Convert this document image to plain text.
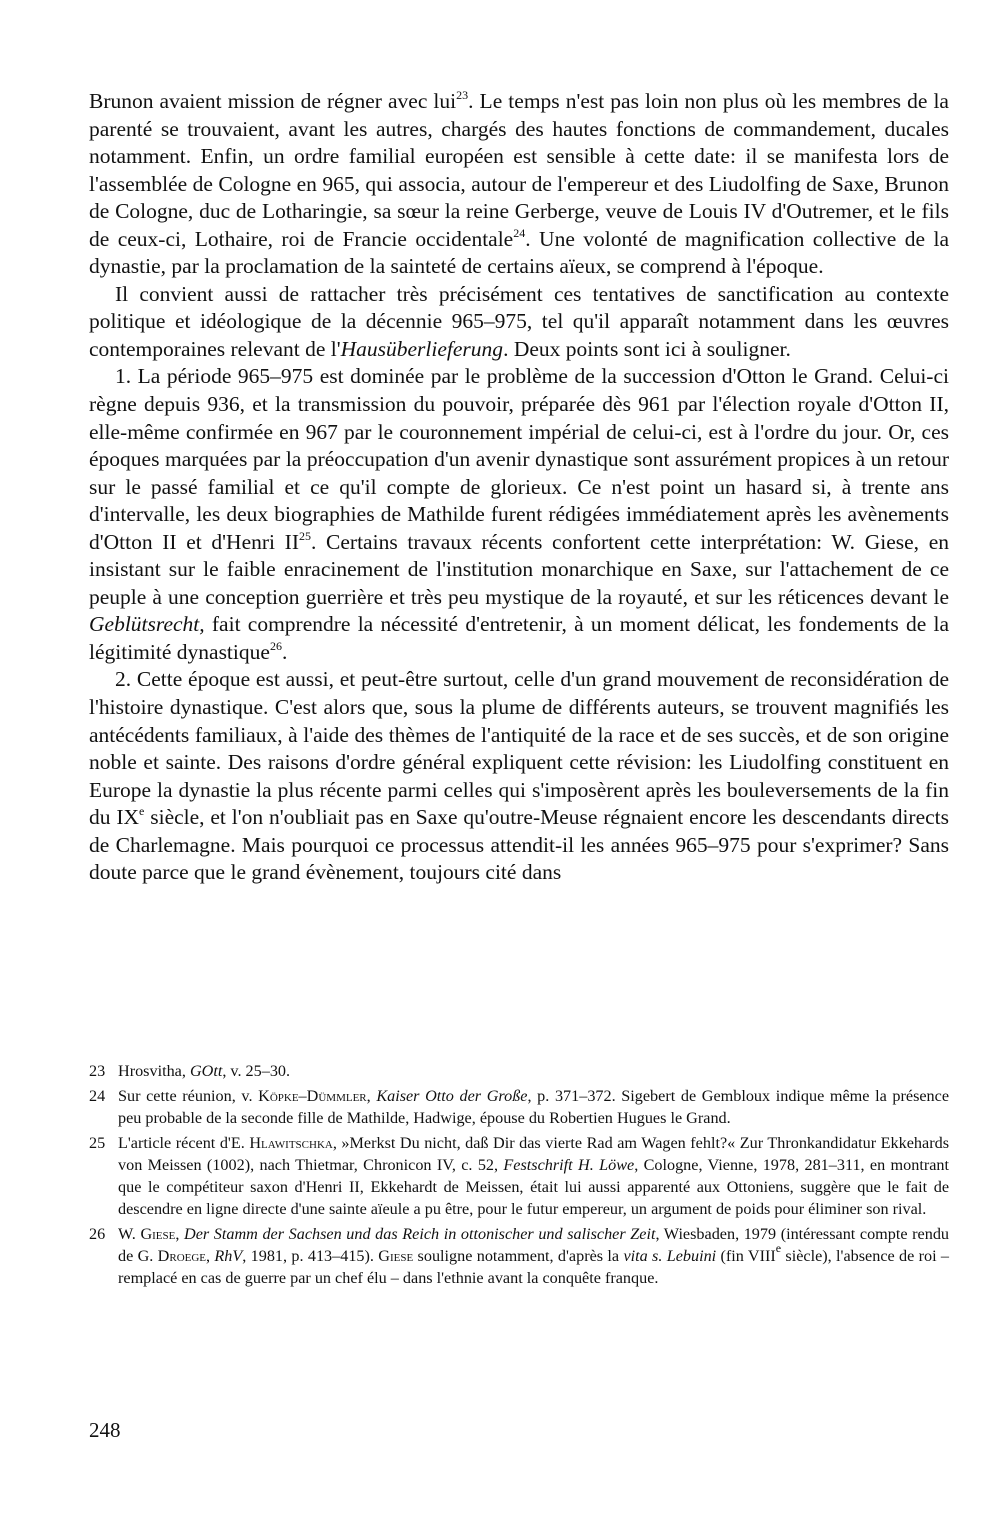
Brunon avaient mission de régner avec lui$^{23}$. Le temps n'est pas loin non plus où les membres de la parenté se trouvaient, avant les autres, chargés des hautes fonctions de commandement, ducales notamment. Enfin, un ordre familial européen est sensible à cette date: il se manifesta lors de l'assemblée de Cologne en 965, qui associa, autour de l'empereur et des Liudolfing de Saxe, Brunon de Cologne, duc de Lotharingie, sa sœur la reine Gerberge, veuve de Louis IV d'Outremer, et le fils de ceux-ci, Lothaire, roi de Francie occidentale$^{24}$. Une volonté de magnification collective de la dynastie, par la proclamation de la sainteté de certains aïeux, se comprend à l'époque.

Il convient aussi de rattacher très précisément ces tentatives de sanctification au contexte politique et idéologique de la décennie 965–975, tel qu'il apparaît notamment dans les œuvres contemporaines relevant de l'Hausüberlieferung. Deux points sont ici à souligner.

1. La période 965–975 est dominée par le problème de la succession d'Otton le Grand. Celui-ci règne depuis 936, et la transmission du pouvoir, préparée dès 961 par l'élection royale d'Otton II, elle-même confirmée en 967 par le couronnement impérial de celui-ci, est à l'ordre du jour. Or, ces époques marquées par la préoccupation d'un avenir dynastique sont assurément propices à un retour sur le passé familial et ce qu'il compte de glorieux. Ce n'est point un hasard si, à trente ans d'intervalle, les deux biographies de Mathilde furent rédigées immédiatement après les avènements d'Otton II et d'Henri II$^{25}$. Certains travaux récents confortent cette interprétation: W. Giese, en insistant sur le faible enracinement de l'institution monarchique en Saxe, sur l'attachement de ce peuple à une conception guerrière et très peu mystique de la royauté, et sur les réticences devant le Geblütsrecht, fait comprendre la nécessité d'entretenir, à un moment délicat, les fondements de la légitimité dynastique$^{26}$.

2. Cette époque est aussi, et peut-être surtout, celle d'un grand mouvement de reconsidération de l'histoire dynastique. C'est alors que, sous la plume de différents auteurs, se trouvent magnifiés les antécédents familiaux, à l'aide des thèmes de l'antiquité de la race et de ses succès, et de son origine noble et sainte. Des raisons d'ordre général expliquent cette révision: les Liudolfing constituent en Europe la dynastie la plus récente parmi celles qui s'imposèrent après les bouleversements de la fin du IXe siècle, et l'on n'oubliait pas en Saxe qu'outre-Meuse régnaient encore les descendants directs de Charlemagne. Mais pourquoi ce processus attendit-il les années 965–975 pour s'exprimer? Sans doute parce que le grand évènement, toujours cité dans

23 Hrosvitha, GOtt, v. 25–30.
24 Sur cette réunion, v. Köpke–Dümmler, Kaiser Otto der Große, p. 371–372. Sigebert de Gembloux indique même la présence peu probable de la seconde fille de Mathilde, Hadwige, épouse du Robertien Hugues le Grand.
25 L'article récent d'E. Hlawitschka, »Merkst Du nicht, daß Dir das vierte Rad am Wagen fehlt?« Zur Thronkandidatur Ekkehards von Meissen (1002), nach Thietmar, Chronicon IV, c. 52, Festschrift H. Löwe, Cologne, Vienne, 1978, 281–311, en montrant que le compétiteur saxon d'Henri II, Ekkehardt de Meissen, était lui aussi apparenté aux Ottoniens, suggère que le fait de descendre en ligne directe d'une sainte aïeule a pu être, pour le futur empereur, un argument de poids pour éliminer son rival.
26 W. Giese, Der Stamm der Sachsen und das Reich in ottonischer und salischer Zeit, Wiesbaden, 1979 (intéressant compte rendu de G. Droege, RhV, 1981, p. 413–415). Giese souligne notamment, d'après la vita s. Lebuini (fin VIIIe siècle), l'absence de roi – remplacé en cas de guerre par un chef élu – dans l'ethnie avant la conquête franque.
248
